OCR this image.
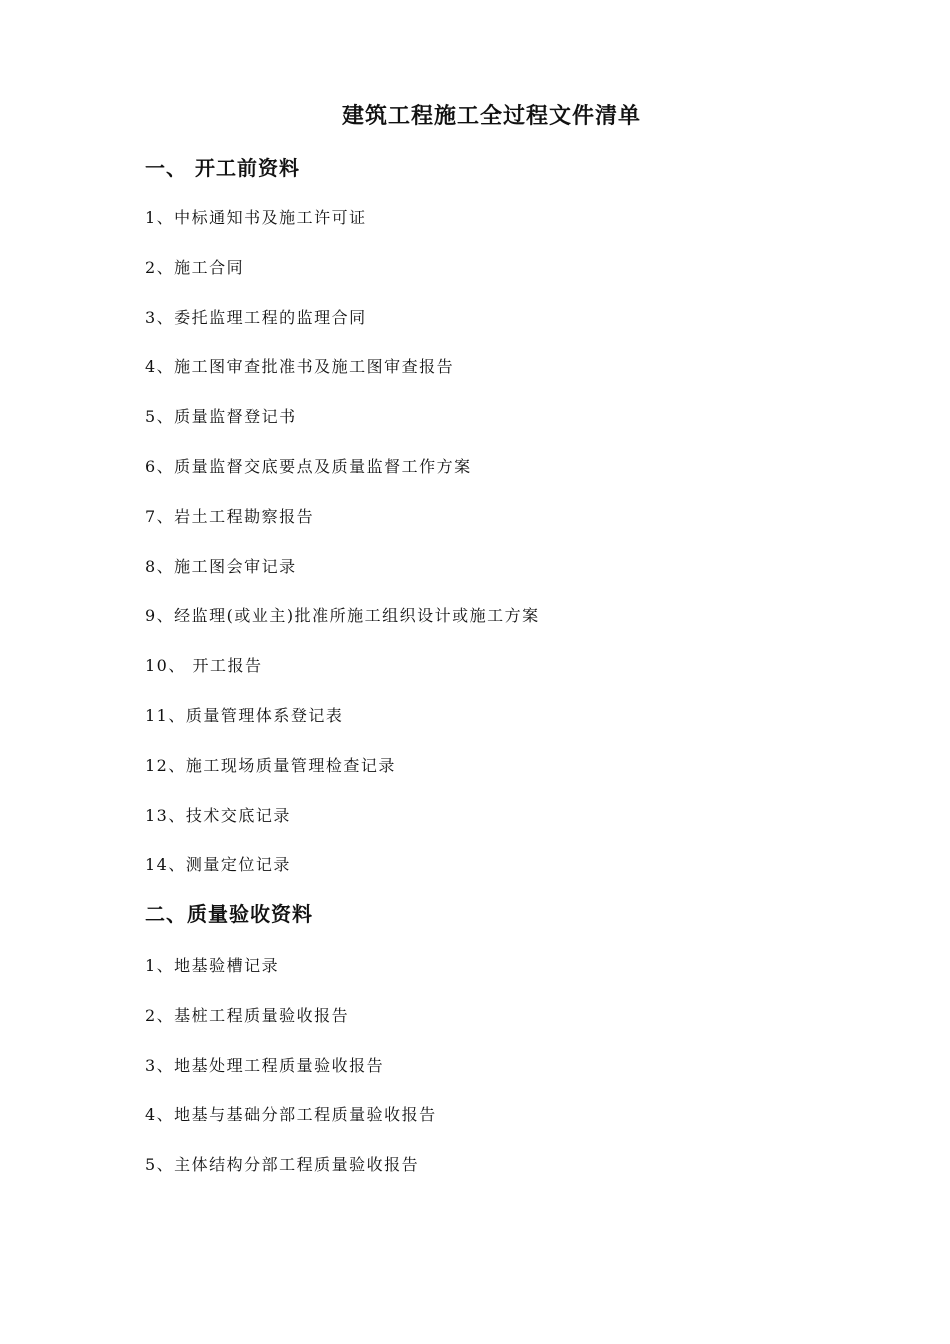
建筑工程施工全过程文件清单
一、 开工前资料
1、中标通知书及施工许可证
2、施工合同
3、委托监理工程的监理合同
4、施工图审查批准书及施工图审查报告
5、质量监督登记书
6、质量监督交底要点及质量监督工作方案
7、岩土工程勘察报告
8、施工图会审记录
9、经监理(或业主)批准所施工组织设计或施工方案
10、 开工报告
11、质量管理体系登记表
12、施工现场质量管理检查记录
13、技术交底记录
14、测量定位记录
二、质量验收资料
1、地基验槽记录
2、基桩工程质量验收报告
3、地基处理工程质量验收报告
4、地基与基础分部工程质量验收报告
5、主体结构分部工程质量验收报告
